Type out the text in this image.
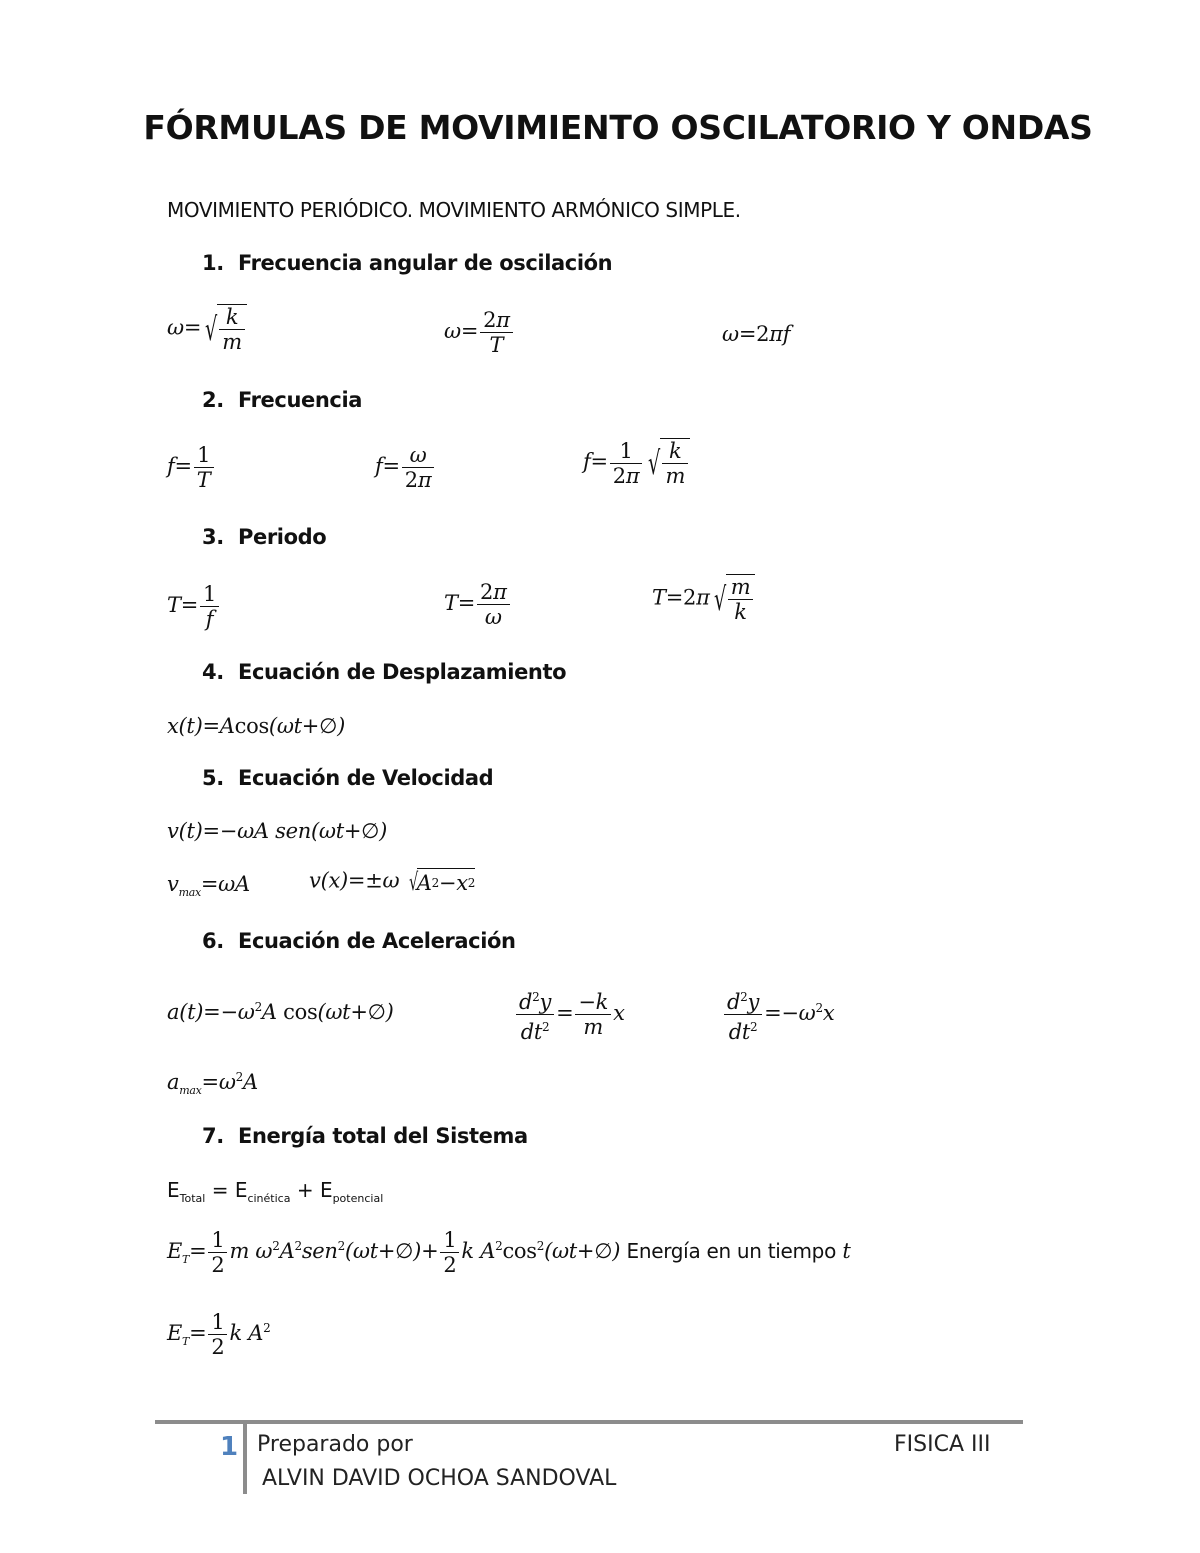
FÓRMULAS DE MOVIMIENTO OSCILATORIO Y ONDAS
MOVIMIENTO PERIÓDICO. MOVIMIENTO ARMÓNICO SIMPLE.
1. Frecuencia angular de oscilación
ω= √ $\frac{k}{m}$	$\omega= \frac{2\pi}{T}$	ω=2πf
2. Frecuencia
$f= \frac{1}{T}$	$f= \frac{\omega}{2\pi}$	$f= \frac{1}{2\pi}$ √ $\frac{k}{m}$
3. Periodo
$T= \frac{1}{f}$	$T= \frac{2\pi}{\omega}$	T=2π √ $\frac{m}{k}$
4. Ecuación de Desplazamiento
x(t)=Acos(ωt+∅)
5. Ecuación de Velocidad
v(t)=−ωA sen(ωt+∅)
$v_{max}=\omega A$	v(x)=±ω √ A 2 − x 2
6. Ecuación de Aceleración
$a(t)=-\omega^2A$ cos(ωt+∅)	$\frac{d^2y}{dt^2} = \frac{-k}{m}$ x	$\frac{d^2y}{dt^2} =-\omega^2x$
$a_{max}=\omega^2A$
7. Energía total del Sistema
$E_{Total} = E_{cinética} + E_{potencial}$
$E_T= \frac{1}{2}$ m $\omega^2A^2sen^2(\omega t+\emptyset)+ \frac{1}{2}$ k $A^2\cos^2(\omega t+\emptyset)$ Energía en un tiempo t
$E_T= \frac{1}{2}$ k $A^2$
1 Preparado por
ALVIN DAVID OCHOA SANDOVAL
FISICA III
